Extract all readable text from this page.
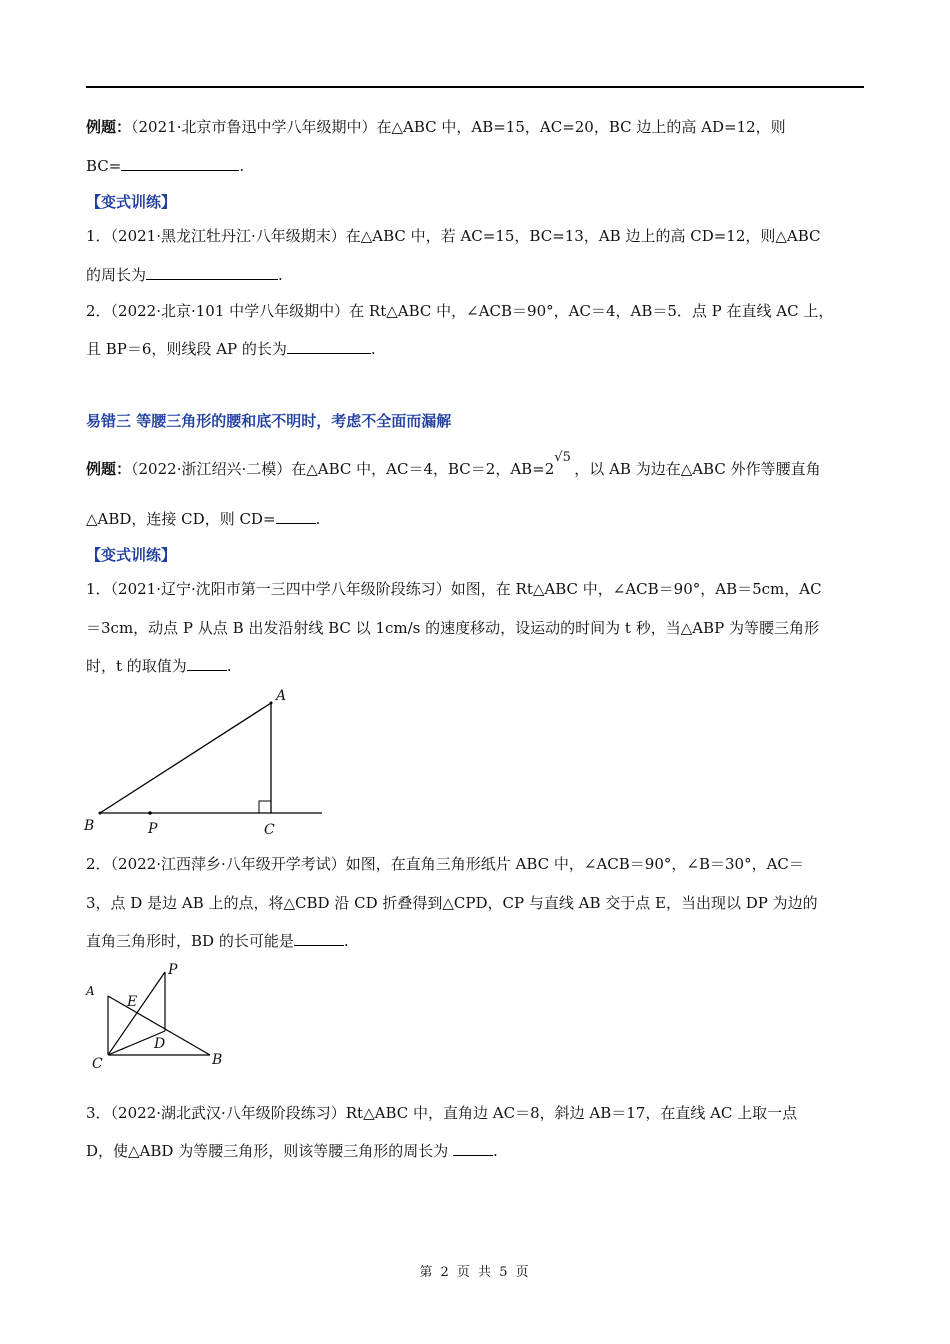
例题：（2021·北京市鲁迅中学八年级期中）在△ABC 中，AB=15，AC=20，BC 边上的高 AD=12，则
BC=	.
【变式训练】
1．（2021·黑龙江牡丹江·八年级期末）在△ABC 中，若 AC=15，BC=13，AB 边上的高 CD=12，则△ABC
的周长为	.
2．（2022·北京·101 中学八年级期中）在 Rt△ABC 中，∠ACB＝90°，AC＝4，AB＝5．点 P 在直线 AC 上，
且 BP＝6，则线段 AP 的长为	.
易错三 等腰三角形的腰和底不明时，考虑不全面而漏解
例题：（2022·浙江绍兴·二模）在△ABC 中，AC＝4，BC＝2，AB=2√5，以 AB 为边在△ABC 外作等腰直角
△ABD，连接 CD，则 CD=	.
【变式训练】
1．（2021·辽宁·沈阳市第一三四中学八年级阶段练习）如图，在 Rt△ABC 中，∠ACB＝90°，AB＝5cm，AC
＝3cm，动点 P 从点 B 出发沿射线 BC 以 1cm/s 的速度移动，设运动的时间为 t 秒，当△ABP 为等腰三角形
时，t 的取值为	.
A
B	P	C
2．（2022·江西萍乡·八年级开学考试）如图，在直角三角形纸片 ABC 中，∠ACB＝90°，∠B＝30°，AC＝
3，点 D 是边 AB 上的点，将△CBD 沿 CD 折叠得到△CPD，CP 与直线 AB 交于点 E，当出现以 DP 为边的
直角三角形时，BD 的长可能是	.
A
P
E
D
C	B
3．（2022·湖北武汉·八年级阶段练习）Rt△ABC 中，直角边 AC＝8，斜边 AB＝17，在直线 AC 上取一点
D，使△ABD 为等腰三角形，则该等腰三角形的周长为	.
第 2 页 共 5 页
